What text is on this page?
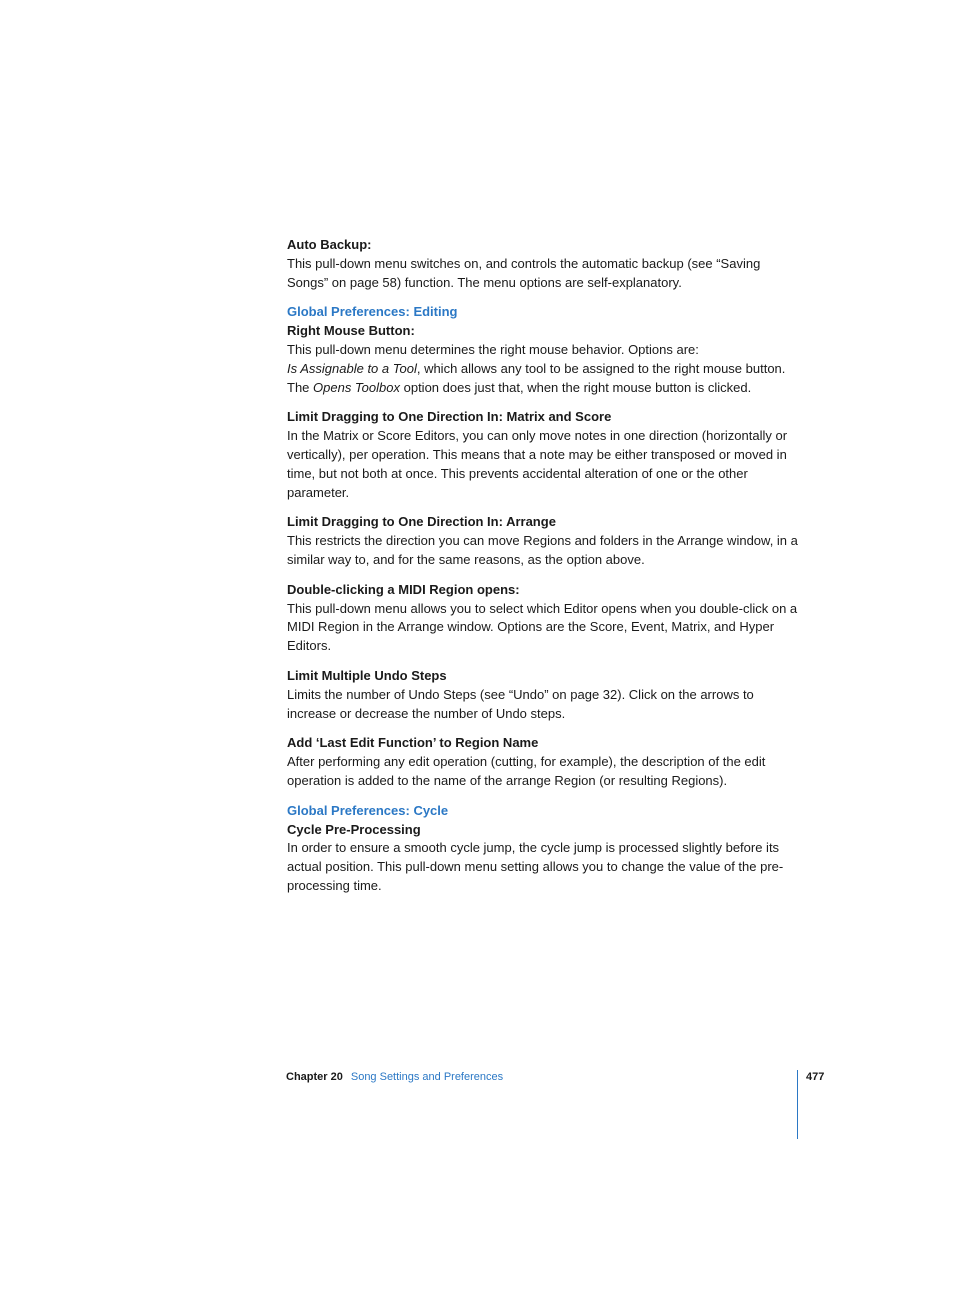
Auto Backup:

This pull-down menu switches on, and controls the automatic backup (see “Saving Songs” on page 58) function. The menu options are self-explanatory.

Global Preferences: Editing

Right Mouse Button:

This pull-down menu determines the right mouse behavior. Options are:

Is Assignable to a Tool, which allows any tool to be assigned to the right mouse button. The Opens Toolbox option does just that, when the right mouse button is clicked.

Limit Dragging to One Direction In: Matrix and Score

In the Matrix or Score Editors, you can only move notes in one direction (horizontally or vertically), per operation. This means that a note may be either transposed or moved in time, but not both at once. This prevents accidental alteration of one or the other parameter.

Limit Dragging to One Direction In: Arrange

This restricts the direction you can move Regions and folders in the Arrange window, in a similar way to, and for the same reasons, as the option above.

Double-clicking a MIDI Region opens:

This pull-down menu allows you to select which Editor opens when you double-click on a MIDI Region in the Arrange window. Options are the Score, Event, Matrix, and Hyper Editors.

Limit Multiple Undo Steps

Limits the number of Undo Steps (see “Undo” on page 32). Click on the arrows to increase or decrease the number of Undo steps.

Add ‘Last Edit Function’ to Region Name

After performing any edit operation (cutting, for example), the description of the edit operation is added to the name of the arrange Region (or resulting Regions).

Global Preferences: Cycle

Cycle Pre-Processing

In order to ensure a smooth cycle jump, the cycle jump is processed slightly before its actual position. This pull-down menu setting allows you to change the value of the pre-processing time.

Chapter 20 Song Settings and Preferences	477
